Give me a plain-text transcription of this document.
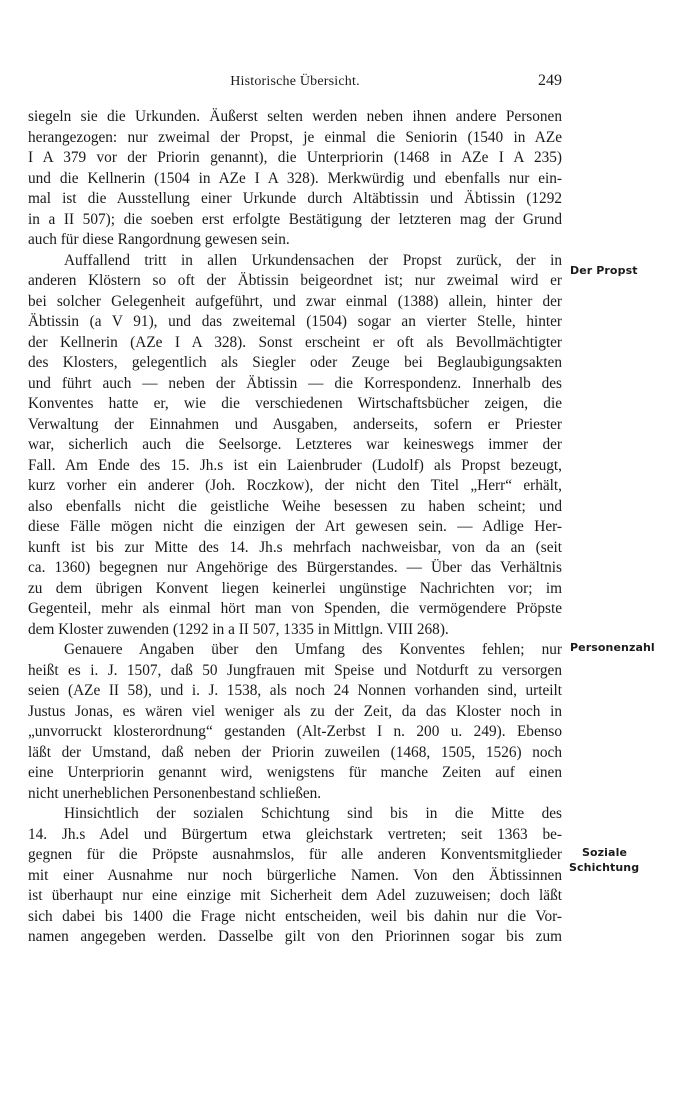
Historische Übersicht.	249
siegeln sie die Urkunden. Äußerst selten werden neben ihnen andere Personen
herangezogen: nur zweimal der Propst, je einmal die Seniorin (1540 in AZe
I A 379 vor der Priorin genannt), die Unterpriorin (1468 in AZe I A 235)
und die Kellnerin (1504 in AZe I A 328). Merkwürdig und ebenfalls nur ein-
mal ist die Ausstellung einer Urkunde durch Altäbtissin und Äbtissin (1292
in a II 507); die soeben erst erfolgte Bestätigung der letzteren mag der Grund
auch für diese Rangordnung gewesen sein.
Auffallend tritt in allen Urkundensachen der Propst zurück, der in
anderen Klöstern so oft der Äbtissin beigeordnet ist; nur zweimal wird er
bei solcher Gelegenheit aufgeführt, und zwar einmal (1388) allein, hinter der
Äbtissin (a V 91), und das zweitemal (1504) sogar an vierter Stelle, hinter
der Kellnerin (AZe I A 328). Sonst erscheint er oft als Bevollmächtigter
des Klosters, gelegentlich als Siegler oder Zeuge bei Beglaubigungsakten
und führt auch — neben der Äbtissin — die Korrespondenz. Innerhalb des
Konventes hatte er, wie die verschiedenen Wirtschaftsbücher zeigen, die
Verwaltung der Einnahmen und Ausgaben, anderseits, sofern er Priester
war, sicherlich auch die Seelsorge. Letzteres war keineswegs immer der
Fall. Am Ende des 15. Jh.s ist ein Laienbruder (Ludolf) als Propst bezeugt,
kurz vorher ein anderer (Joh. Roczkow), der nicht den Titel „Herr“ erhält,
also ebenfalls nicht die geistliche Weihe besessen zu haben scheint; und
diese Fälle mögen nicht die einzigen der Art gewesen sein. — Adlige Her-
kunft ist bis zur Mitte des 14. Jh.s mehrfach nachweisbar, von da an (seit
ca. 1360) begegnen nur Angehörige des Bürgerstandes. — Über das Verhältnis
zu dem übrigen Konvent liegen keinerlei ungünstige Nachrichten vor; im
Gegenteil, mehr als einmal hört man von Spenden, die vermögendere Pröpste
dem Kloster zuwenden (1292 in a II 507, 1335 in Mittlgn. VIII 268).
Genauere Angaben über den Umfang des Konventes fehlen; nur
heißt es i. J. 1507, daß 50 Jungfrauen mit Speise und Notdurft zu versorgen
seien (AZe II 58), und i. J. 1538, als noch 24 Nonnen vorhanden sind, urteilt
Justus Jonas, es wären viel weniger als zu der Zeit, da das Kloster noch in
„unvorruckt klosterordnung“ gestanden (Alt-Zerbst I n. 200 u. 249). Ebenso
läßt der Umstand, daß neben der Priorin zuweilen (1468, 1505, 1526) noch
eine Unterpriorin genannt wird, wenigstens für manche Zeiten auf einen
nicht unerheblichen Personenbestand schließen.
Hinsichtlich der sozialen Schichtung sind bis in die Mitte des
14. Jh.s Adel und Bürgertum etwa gleichstark vertreten; seit 1363 be-
gegnen für die Pröpste ausnahmslos, für alle anderen Konventsmitglieder
mit einer Ausnahme nur noch bürgerliche Namen. Von den Äbtissinnen
ist überhaupt nur eine einzige mit Sicherheit dem Adel zuzuweisen; doch läßt
sich dabei bis 1400 die Frage nicht entscheiden, weil bis dahin nur die Vor-
namen angegeben werden. Dasselbe gilt von den Priorinnen sogar bis zum
Der Propst
Personenzahl
Soziale
Schichtung
